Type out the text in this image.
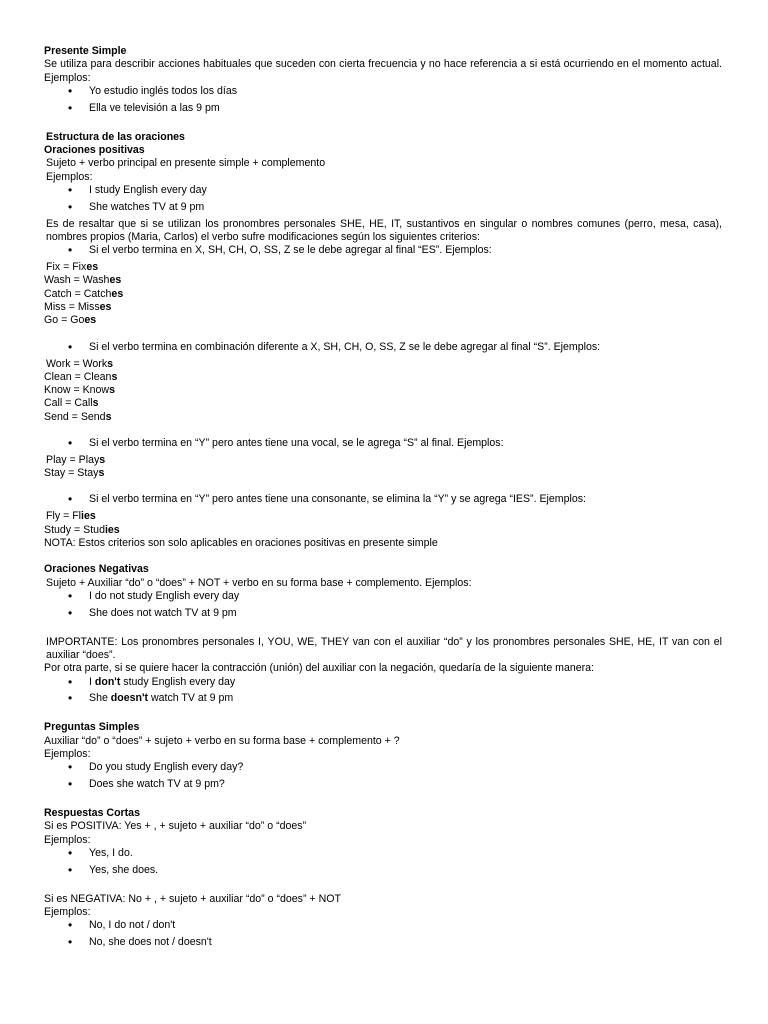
Presente Simple

Se utiliza para describir acciones habituales que suceden con cierta frecuencia y no hace referencia a si está ocurriendo en el momento actual. Ejemplos:

• Yo estudio inglés todos los días
• Ella ve televisión a las 9 pm

Estructura de las oraciones

Oraciones positivas

Sujeto + verbo principal en presente simple + complemento

Ejemplos:

• I study English every day
• She watches TV at 9 pm

Es de resaltar que si se utilizan los pronombres personales SHE, HE, IT, sustantivos en singular o nombres comunes (perro, mesa, casa), nombres propios (Maria, Carlos) el verbo sufre modificaciones según los siguientes criterios:

• Si el verbo termina en X, SH, CH, O, SS, Z se le debe agregar al final “ES”. Ejemplos:

Fix = Fixes

Wash = Washes

Catch = Catches

Miss = Misses

Go = Goes

• Si el verbo termina en combinación diferente a X, SH, CH, O, SS, Z se le debe agregar al final “S”. Ejemplos:

Work = Works

Clean = Cleans

Know = Knows

Call = Calls

Send = Sends

• Si el verbo termina en “Y” pero antes tiene una vocal, se le agrega “S” al final. Ejemplos:

Play = Plays

Stay = Stays

• Si el verbo termina en “Y” pero antes tiene una consonante, se elimina la “Y” y se agrega “IES”. Ejemplos:

Fly = Flies

Study = Studies

NOTA: Estos criterios son solo aplicables en oraciones positivas en presente simple

Oraciones Negativas

Sujeto + Auxiliar “do” o “does” + NOT + verbo en su forma base + complemento. Ejemplos:

• I do not study English every day
• She does not watch TV at 9 pm

IMPORTANTE: Los pronombres personales I, YOU, WE, THEY van con el auxiliar “do” y los pronombres personales SHE, HE, IT van con el auxiliar “does”.

Por otra parte, si se quiere hacer la contracción (unión) del auxiliar con la negación, quedaría de la siguiente manera:

• I don't study English every day
• She doesn't watch TV at 9 pm

Preguntas Simples

Auxiliar “do” o “does” + sujeto + verbo en su forma base + complemento + ?

Ejemplos:

• Do you study English every day?
• Does she watch TV at 9 pm?

Respuestas Cortas

Si es POSITIVA: Yes + , + sujeto + auxiliar “do” o “does”

Ejemplos:

• Yes, I do.
• Yes, she does.

Si es NEGATIVA: No + , + sujeto + auxiliar “do” o “does” + NOT

Ejemplos:

• No, I do not / don't
• No, she does not / doesn't
